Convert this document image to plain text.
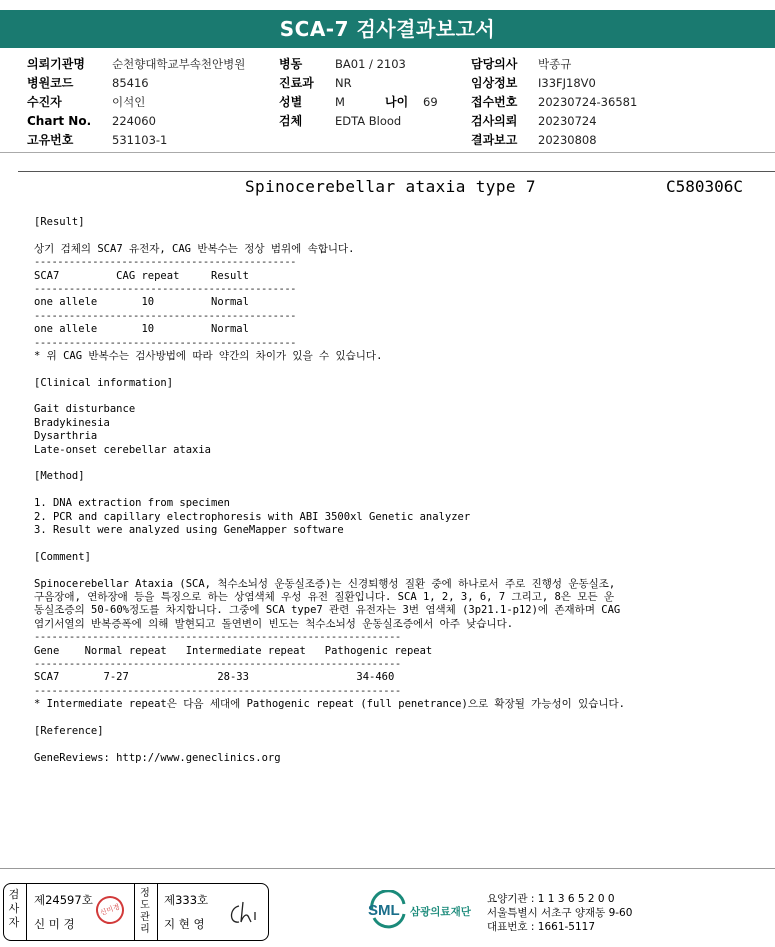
SCA-7 검사결과보고서
의뢰기관명	순천향대학교부속천안병원
병원코드	85416
수진자	이석인
Chart No.	224060
고유번호	531103-1
병동	BA01 / 2103
진료과	NR
성별	M	나이	69
검체	EDTA Blood
담당의사	박종규
임상정보	I33FJ18V0
접수번호	20230724-36581
검사의뢰	20230724
결과보고	20230808
Spinocerebellar ataxia type 7	C580306C
[Result]
상기 검체의 SCA7 유전자, CAG 반복수는 정상 범위에 속합니다.
---------------------------------------------
SCA7         CAG repeat     Result
---------------------------------------------
one allele       10         Normal
---------------------------------------------
one allele       10         Normal
---------------------------------------------
* 위 CAG 반복수는 검사방법에 따라 약간의 차이가 있을 수 있습니다.
[Clinical information]
Gait disturbance
Bradykinesia
Dysarthria
Late-onset cerebellar ataxia
[Method]
1. DNA extraction from specimen
2. PCR and capillary electrophoresis with ABI 3500xl Genetic analyzer
3. Result were analyzed using GeneMapper software
[Comment]
Spinocerebellar Ataxia (SCA, 척수소뇌성 운동실조증)는 신경퇴행성 질환 중에 하나로서 주로 진행성 운동실조,
구음장애, 연하장애 등을 특징으로 하는 상염색체 우성 유전 질환입니다. SCA 1, 2, 3, 6, 7 그리고, 8은 모든 운
동실조증의 50-60%정도를 차지합니다. 그중에 SCA type7 관련 유전자는 3번 염색체 (3p21.1-p12)에 존재하며 CAG
염기서열의 반복증폭에 의해 발현되고 돌연변이 빈도는 척수소뇌성 운동실조증에서 아주 낮습니다.
---------------------------------------------------------------
Gene    Normal repeat   Intermediate repeat   Pathogenic repeat
---------------------------------------------------------------
SCA7       7-27              28-33                 34-460
---------------------------------------------------------------
* Intermediate repeat은 다음 세대에 Pathogenic repeat (full penetrance)으로 확장될 가능성이 있습니다.
[Reference]
GeneReviews: http://www.geneclinics.org
검
사
자
제24597호
신 미 경
신미경
정
도
관
리
제333호
지 현 영
SML 삼광의료재단
요양기관 : 1 1 3 6 5 2 0 0
서울특별시 서초구 양재동 9-60
대표번호 : 1661-5117
